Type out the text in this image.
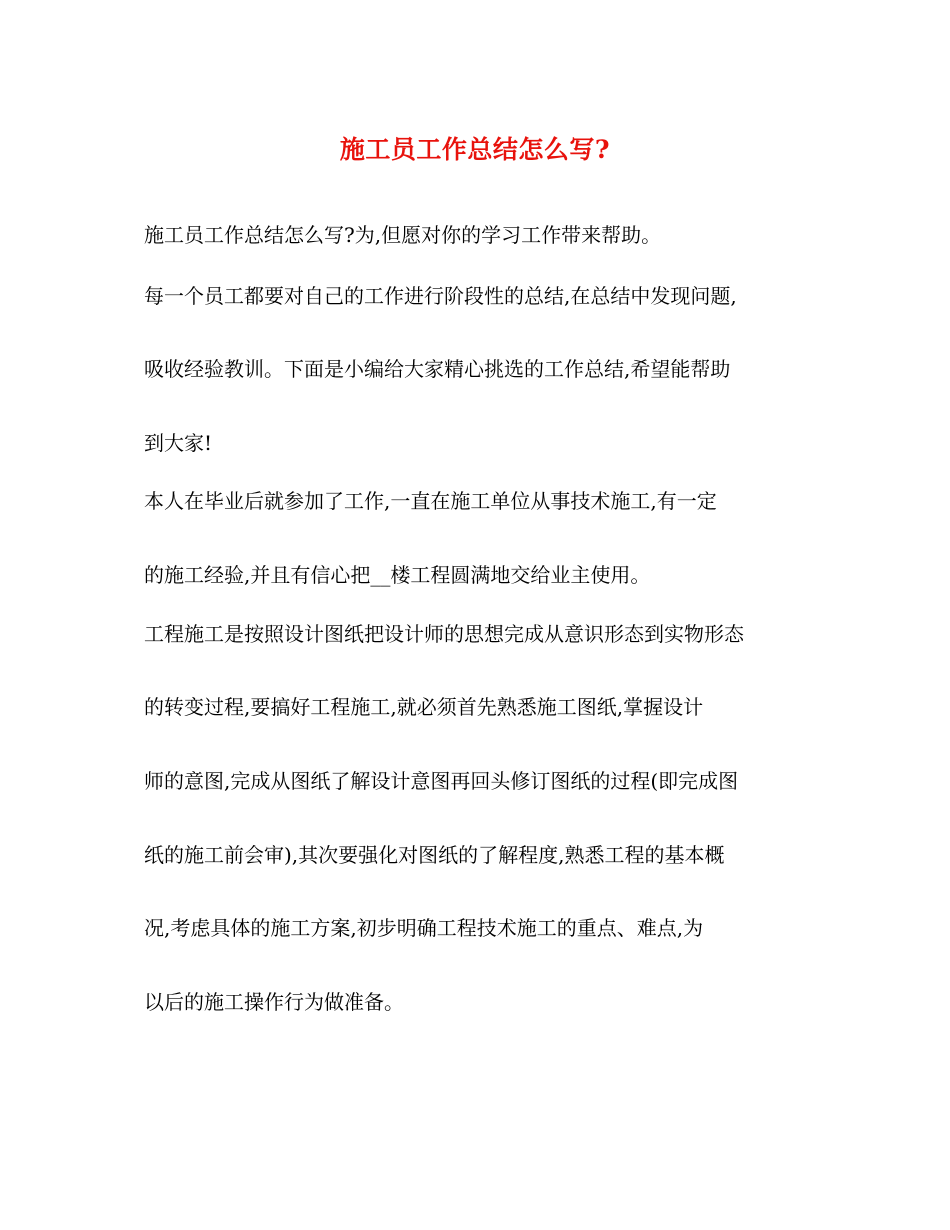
施工员工作总结怎么写?
施工员工作总结怎么写?为,但愿对你的学习工作带来帮助。
每一个员工都要对自己的工作进行阶段性的总结,在总结中发现问题,
吸收经验教训。下面是小编给大家精心挑选的工作总结,希望能帮助
到大家!
本人在毕业后就参加了工作,一直在施工单位从事技术施工,有一定
的施工经验,并且有信心把__楼工程圆满地交给业主使用。
工程施工是按照设计图纸把设计师的思想完成从意识形态到实物形态
的转变过程,要搞好工程施工,就必须首先熟悉施工图纸,掌握设计
师的意图,完成从图纸了解设计意图再回头修订图纸的过程(即完成图
纸的施工前会审),其次要强化对图纸的了解程度,熟悉工程的基本概
况,考虑具体的施工方案,初步明确工程技术施工的重点、难点,为
以后的施工操作行为做准备。
